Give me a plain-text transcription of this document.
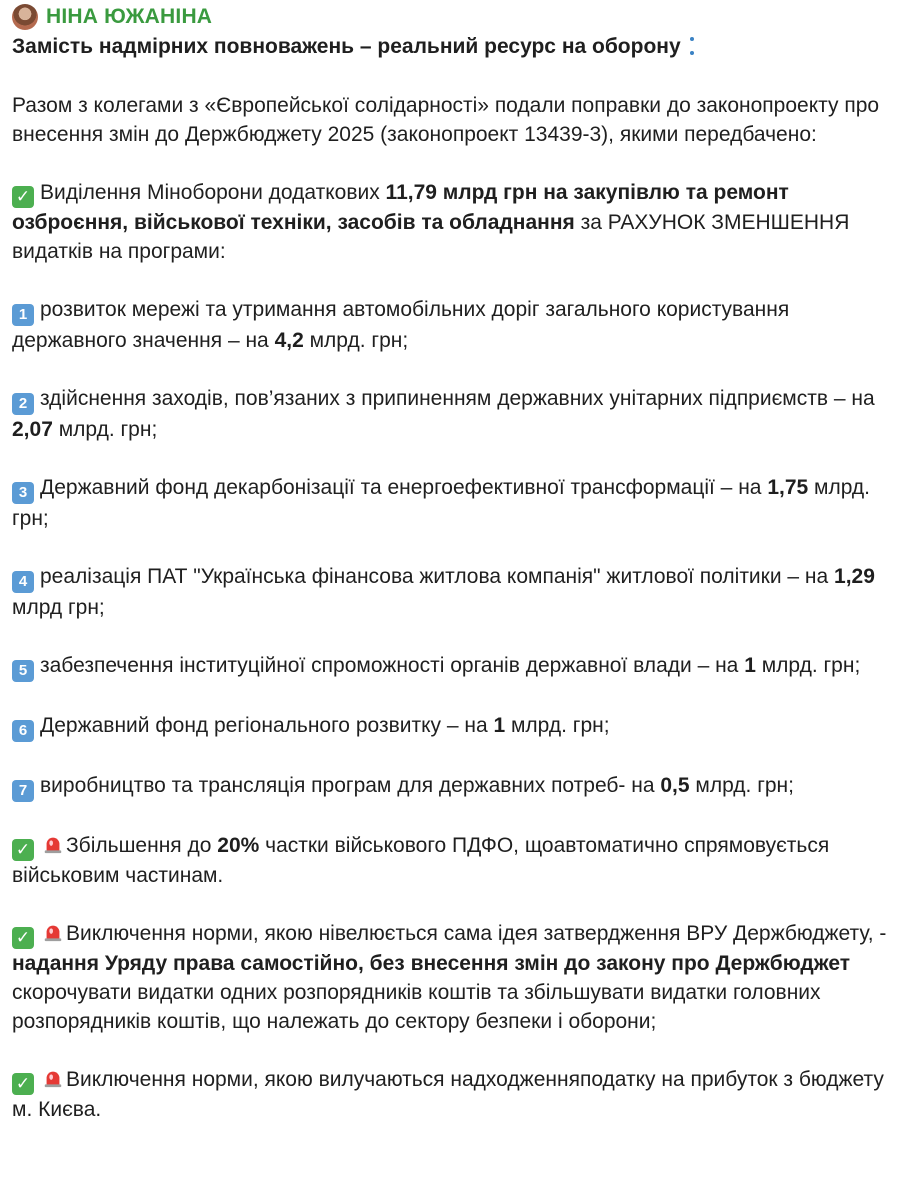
НІНА ЮЖАНІНА
Замість надмірних повноважень – реальний ресурс на оборону

Разом з колегами з «Європейської солідарності» подали поправки до законопроекту про внесення змін до Держбюджету 2025 (законопроект 13439-3), якими передбачено:

✓ Виділення Міноборони додаткових 11,79 млрд грн на закупівлю та ремонт озброєння, військової техніки, засобів та обладнання за РАХУНОК ЗМЕНШЕННЯ видатків на програми:

1 розвиток мережі та утримання автомобільних доріг загального користування державного значення – на 4,2 млрд. грн;

2 здійснення заходів, пов’язаних з припиненням державних унітарних підприємств – на 2,07 млрд. грн;

3 Державний фонд декарбонізації та енергоефективної трансформації – на 1,75 млрд. грн;

4 реалізація ПАТ "Українська фінансова житлова компанія" житлової політики – на 1,29 млрд грн;

5 забезпечення інституційної спроможності органів державної влади – на 1 млрд. грн;

6 Державний фонд регіонального розвитку – на 1 млрд. грн;

7 виробництво та трансляція програм для державних потреб- на 0,5 млрд. грн;

✓ Збільшення до 20% частки військового ПДФО, щоавтоматично спрямовується військовим частинам.

✓ Виключення норми, якою нівелюється сама ідея затвердження ВРУ Держбюджету, - надання Уряду права самостійно, без внесення змін до закону про Держбюджет скорочувати видатки одних розпорядників коштів та збільшувати видатки головних розпорядників коштів, що належать до сектору безпеки і оборони;

✓ Виключення норми, якою вилучаються надходженняподатку на прибуток з бюджету м. Києва.
